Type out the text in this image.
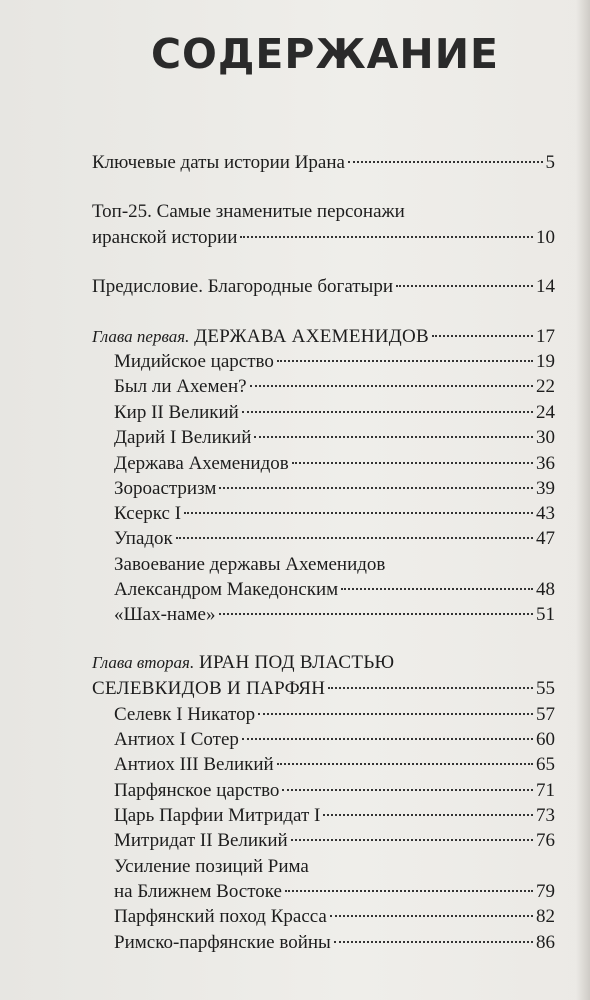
СОДЕРЖАНИЕ
Ключевые даты истории Ирана	5
Топ-25. Самые знаменитые персонажи
иранской истории	10
Предисловие. Благородные богатыри	14
Глава первая. ДЕРЖАВА АХЕМЕНИДОВ	17
Мидийское царство	19
Был ли Ахемен?	22
Кир II Великий	24
Дарий I Великий	30
Держава Ахеменидов	36
Зороастризм	39
Ксеркс I	43
Упадок	47
Завоевание державы Ахеменидов
Александром Македонским	48
«Шах-наме»	51
Глава вторая. ИРАН ПОД ВЛАСТЬЮ
СЕЛЕВКИДОВ И ПАРФЯН	55
Селевк I Никатор	57
Антиох I Сотер	60
Антиох III Великий	65
Парфянское царство	71
Царь Парфии Митридат I	73
Митридат II Великий	76
Усиление позиций Рима
на Ближнем Востоке	79
Парфянский поход Красса	82
Римско-парфянские войны	86
